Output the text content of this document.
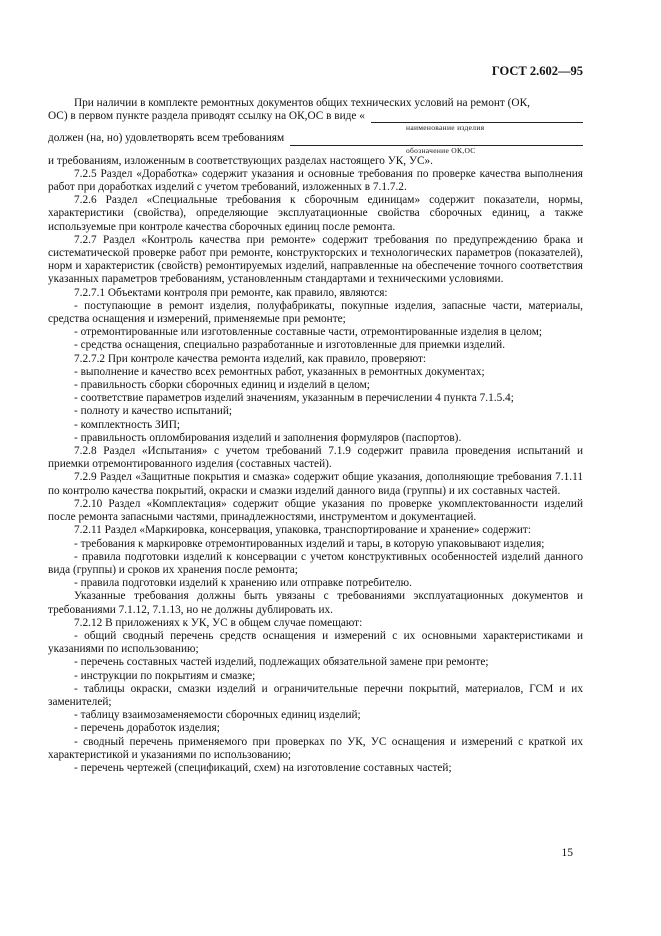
ГОСТ 2.602—95

При наличии в комплекте ремонтных документов общих технических условий на ремонт (ОК,

ОС) в первом пункте раздела приводят ссылку на ОК,ОС в виде «
наименование изделия
должен (на, но) удовлетворять всем требованиям
обозначение ОК,ОС

и требованиям, изложенным в соответствующих разделах настоящего УК, УС».

7.2.5 Раздел «Доработка» содержит указания и основные требования по проверке качества выполнения работ при доработках изделий с учетом требований, изложенных в 7.1.7.2.

7.2.6 Раздел «Специальные требования к сборочным единицам» содержит показатели, нормы, характеристики (свойства), определяющие эксплуатационные свойства сборочных единиц, а также используемые при контроле качества сборочных единиц после ремонта.

7.2.7 Раздел «Контроль качества при ремонте» содержит требования по предупреждению брака и систематической проверке работ при ремонте, конструкторских и технологических параметров (показателей), норм и характеристик (свойств) ремонтируемых изделий, направленные на обеспечение точного соответствия указанных параметров требованиям, установленным стандартами и техническими условиями.

7.2.7.1 Объектами контроля при ремонте, как правило, являются:

- поступающие в ремонт изделия, полуфабрикаты, покупные изделия, запасные части, материалы, средства оснащения и измерений, применяемые при ремонте;

- отремонтированные или изготовленные составные части, отремонтированные изделия в целом;

- средства оснащения, специально разработанные и изготовленные для приемки изделий.

7.2.7.2 При контроле качества ремонта изделий, как правило, проверяют:

- выполнение и качество всех ремонтных работ, указанных в ремонтных документах;

- правильность сборки сборочных единиц и изделий в целом;

- соответствие параметров изделий значениям, указанным в перечислении 4 пункта 7.1.5.4;

- полноту и качество испытаний;

- комплектность ЗИП;

- правильность опломбирования изделий и заполнения формуляров (паспортов).

7.2.8 Раздел «Испытания» с учетом требований 7.1.9 содержит правила проведения испытаний и приемки отремонтированного изделия (составных частей).

7.2.9 Раздел «Защитные покрытия и смазка» содержит общие указания, дополняющие требования 7.1.11 по контролю качества покрытий, окраски и смазки изделий данного вида (группы) и их составных частей.

7.2.10 Раздел «Комплектация» содержит общие указания по проверке укомплектованности изделий после ремонта запасными частями, принадлежностями, инструментом и документацией.

7.2.11 Раздел «Маркировка, консервация, упаковка, транспортирование и хранение» содержит:

- требования к маркировке отремонтированных изделий и тары, в которую упаковывают изделия;

- правила подготовки изделий к консервации с учетом конструктивных особенностей изделий данного вида (группы) и сроков их хранения после ремонта;

- правила подготовки изделий к хранению или отправке потребителю.

Указанные требования должны быть увязаны с требованиями эксплуатационных документов и требованиями 7.1.12, 7.1.13, но не должны дублировать их.

7.2.12 В приложениях к УК, УС в общем случае помещают:

- общий сводный перечень средств оснащения и измерений с их основными характеристиками и указаниями по использованию;

- перечень составных частей изделий, подлежащих обязательной замене при ремонте;

- инструкции по покрытиям и смазке;

- таблицы окраски, смазки изделий и ограничительные перечни покрытий, материалов, ГСМ и их заменителей;

- таблицу взаимозаменяемости сборочных единиц изделий;

- перечень доработок изделия;

- сводный перечень применяемого при проверках по УК, УС оснащения и измерений с краткой их характеристикой и указаниями по использованию;

- перечень чертежей (спецификаций, схем) на изготовление составных частей;

15
